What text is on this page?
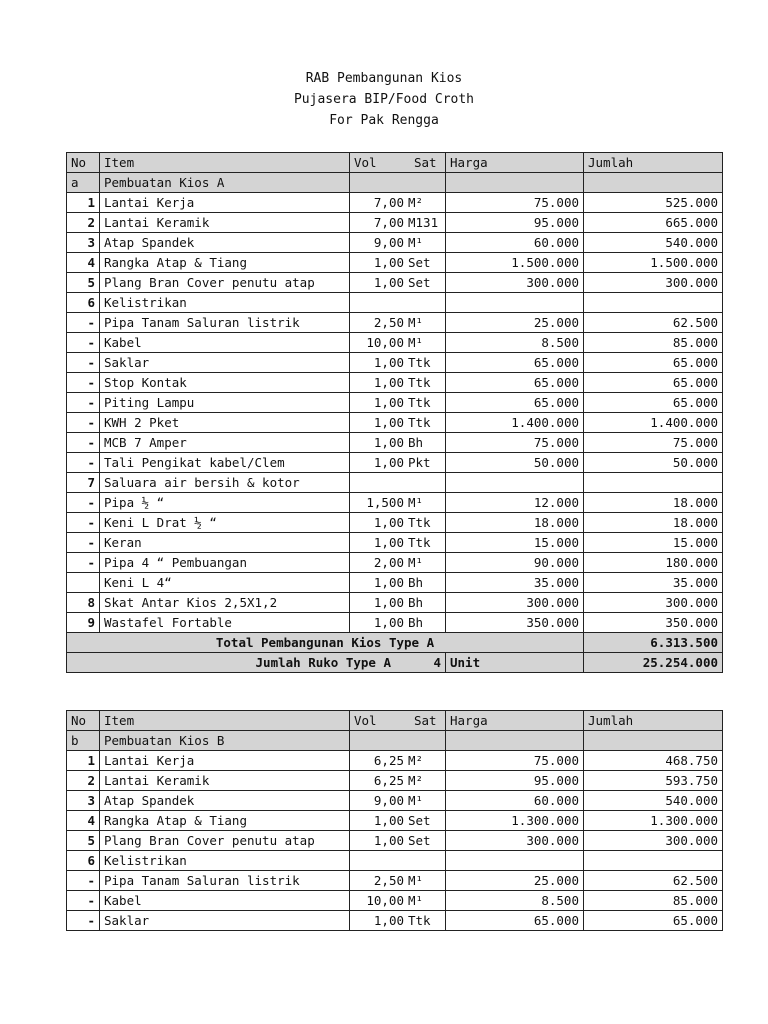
RAB Pembangunan Kios
Pujasera BIP/Food Croth
For Pak Rengga
No	Item	Vol Sat	Harga	Jumlah
a	Pembuatan Kios A			
1	Lantai Kerja	7,00 M²	75.000	525.000
2	Lantai Keramik	7,00 M131	95.000	665.000
3	Atap Spandek	9,00 M¹	60.000	540.000
4	Rangka Atap & Tiang	1,00 Set	1.500.000	1.500.000
5	Plang Bran Cover penutu atap	1,00 Set	300.000	300.000
6	Kelistrikan			
-	Pipa Tanam Saluran listrik	2,50 M¹	25.000	62.500
-	Kabel	10,00 M¹	8.500	85.000
-	Saklar	1,00 Ttk	65.000	65.000
-	Stop Kontak	1,00 Ttk	65.000	65.000
-	Piting Lampu	1,00 Ttk	65.000	65.000
-	KWH 2 Pket	1,00 Ttk	1.400.000	1.400.000
-	MCB 7 Amper	1,00 Bh	75.000	75.000
-	Tali Pengikat kabel/Clem	1,00 Pkt	50.000	50.000
7	Saluara air bersih & kotor			
-	Pipa ½ “	1,500 M¹	12.000	18.000
-	Keni L Drat ½ “	1,00 Ttk	18.000	18.000
-	Keran	1,00 Ttk	15.000	15.000
-	Pipa 4 “ Pembuangan	2,00 M¹	90.000	180.000
	Keni L 4“	1,00 Bh	35.000	35.000
8	Skat Antar Kios 2,5X1,2	1,00 Bh	300.000	300.000
9	Wastafel Fortable	1,00 Bh	350.000	350.000
Total Pembangunan Kios Type A				6.313.500
Jumlah Ruko Type A 4			Unit	25.254.000
No	Item	Vol Sat	Harga	Jumlah
b	Pembuatan Kios B			
1	Lantai Kerja	6,25 M²	75.000	468.750
2	Lantai Keramik	6,25 M²	95.000	593.750
3	Atap Spandek	9,00 M¹	60.000	540.000
4	Rangka Atap & Tiang	1,00 Set	1.300.000	1.300.000
5	Plang Bran Cover penutu atap	1,00 Set	300.000	300.000
6	Kelistrikan			
-	Pipa Tanam Saluran listrik	2,50 M¹	25.000	62.500
-	Kabel	10,00 M¹	8.500	85.000
-	Saklar	1,00 Ttk	65.000	65.000
